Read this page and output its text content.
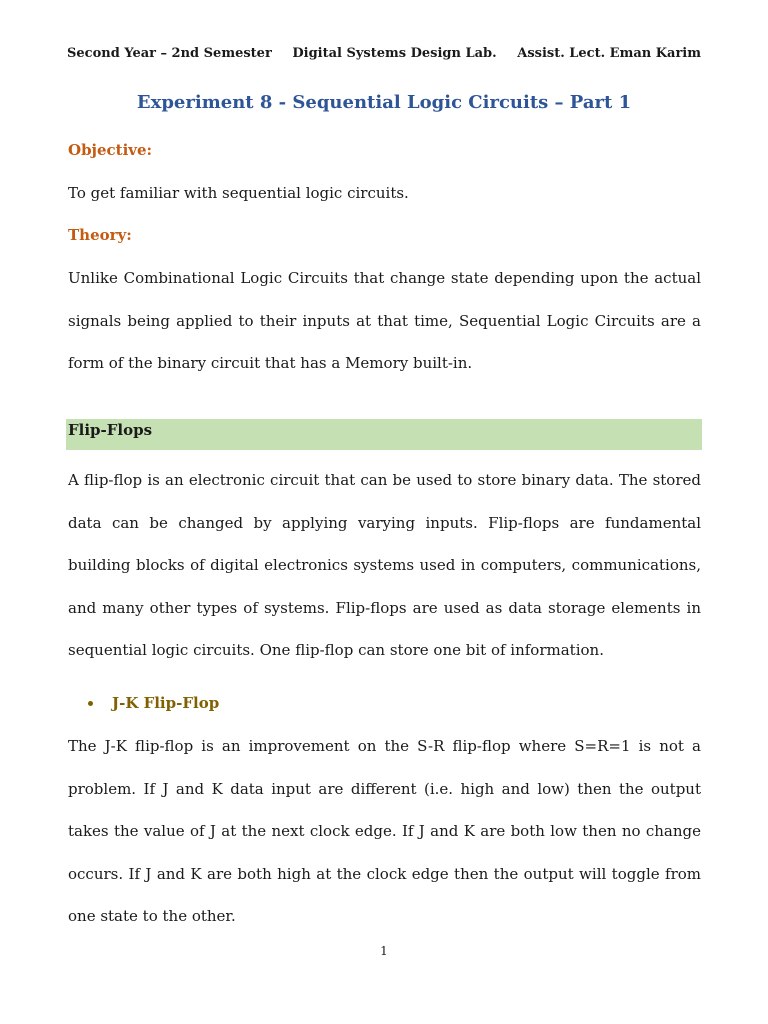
Second Year – 2nd Semester Digital Systems Design Lab. Assist. Lect. Eman Karim
Experiment 8 - Sequential Logic Circuits – Part 1
Objective:

To get familiar with sequential logic circuits.

Theory:

Unlike Combinational Logic Circuits that change state depending upon the actual signals being applied to their inputs at that time, Sequential Logic Circuits are a form of the binary circuit that has a Memory built-in.

Flip-Flops

A flip-flop is an electronic circuit that can be used to store binary data. The stored data can be changed by applying varying inputs. Flip-flops are fundamental building blocks of digital electronics systems used in computers, communications, and many other types of systems. Flip-flops are used as data storage elements in sequential logic circuits. One flip-flop can store one bit of information.

J-K Flip-Flop

The J-K flip-flop is an improvement on the S-R flip-flop where S=R=1 is not a problem. If J and K data input are different (i.e. high and low) then the output takes the value of J at the next clock edge. If J and K are both low then no change occurs. If J and K are both high at the clock edge then the output will toggle from one state to the other.

1
